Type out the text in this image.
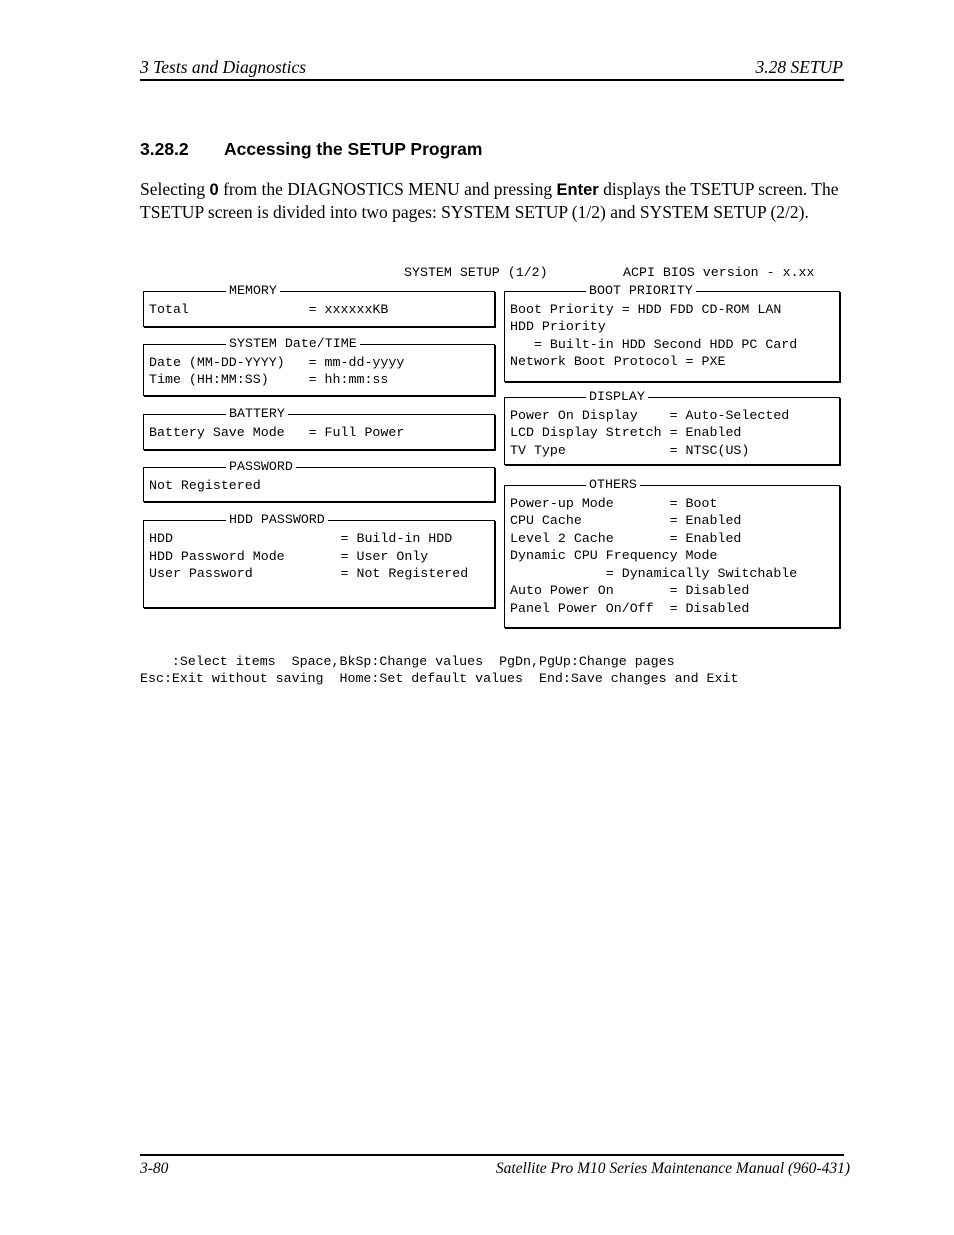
3 Tests and Diagnostics	3.28 SETUP
3.28.2 Accessing the SETUP Program
Selecting 0 from the DIAGNOSTICS MENU and pressing Enter displays the TSETUP screen. The TSETUP screen is divided into two pages: SYSTEM SETUP (1/2) and SYSTEM SETUP (2/2).
SYSTEM SETUP (1/2)	ACPI BIOS version - x.xx
MEMORY
Total               = xxxxxxKB
SYSTEM Date/TIME
Date (MM-DD-YYYY)   = mm-dd-yyyy
Time (HH:MM:SS)     = hh:mm:ss
BATTERY
Battery Save Mode   = Full Power
PASSWORD
Not Registered
HDD PASSWORD
HDD                     = Build-in HDD
HDD Password Mode       = User Only
User Password           = Not Registered
BOOT PRIORITY
Boot Priority = HDD FDD CD-ROM LAN
HDD Priority
= Built-in HDD Second HDD PC Card
Network Boot Protocol = PXE
DISPLAY
Power On Display    = Auto-Selected
LCD Display Stretch = Enabled
TV Type             = NTSC(US)
OTHERS
Power-up Mode       = Boot
CPU Cache           = Enabled
Level 2 Cache       = Enabled
Dynamic CPU Frequency Mode
= Dynamically Switchable
Auto Power On       = Disabled
Panel Power On/Off  = Disabled
:Select items  Space,BkSp:Change values  PgDn,PgUp:Change pages
Esc:Exit without saving  Home:Set default values  End:Save changes and Exit
3-80	Satellite Pro M10 Series Maintenance Manual (960-431)
